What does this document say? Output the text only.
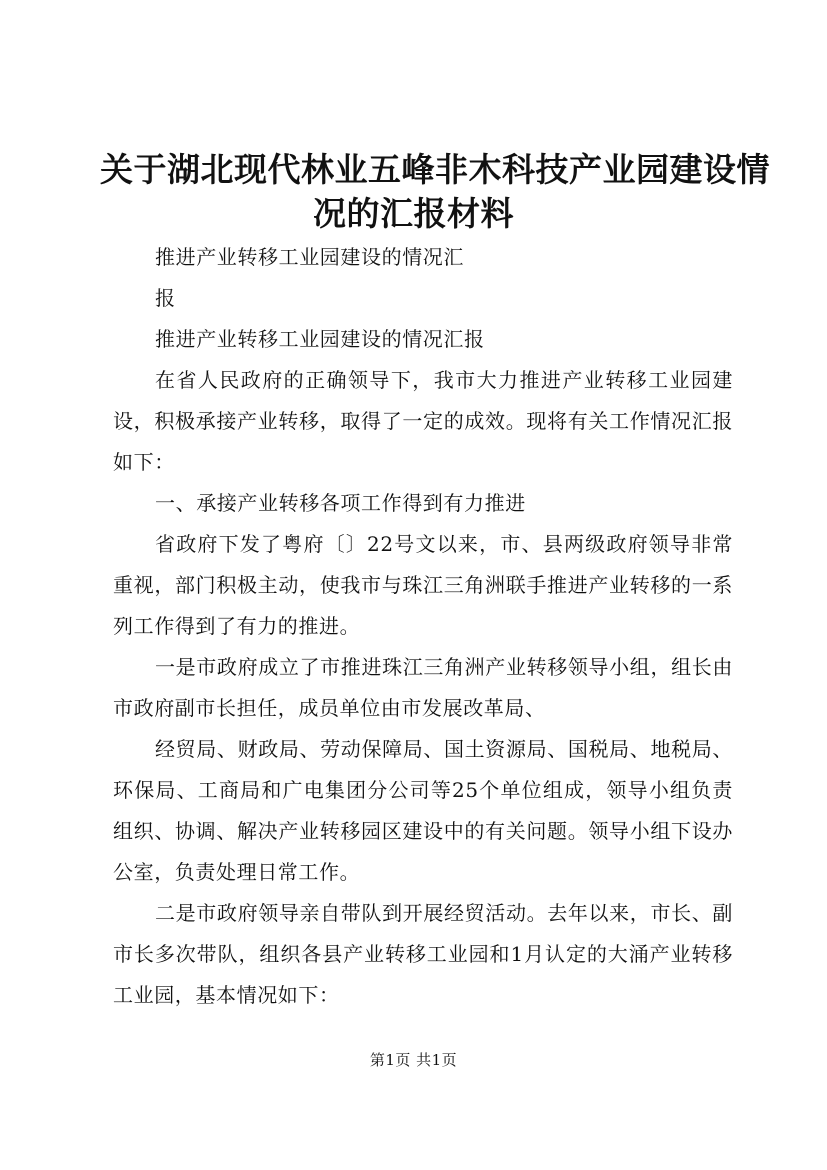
关于湖北现代林业五峰非木科技产业园建设情
况的汇报材料

推进产业转移工业园建设的情况汇

报

推进产业转移工业园建设的情况汇报

在省人民政府的正确领导下，我市大力推进产业转移工业园建设，积极承接产业转移，取得了一定的成效。现将有关工作情况汇报如下：

一、承接产业转移各项工作得到有力推进

省政府下发了粤府〔〕22号文以来，市、县两级政府领导非常重视，部门积极主动，使我市与珠江三角洲联手推进产业转移的一系列工作得到了有力的推进。

一是市政府成立了市推进珠江三角洲产业转移领导小组，组长由市政府副市长担任，成员单位由市发展改革局、

经贸局、财政局、劳动保障局、国土资源局、国税局、地税局、环保局、工商局和广电集团分公司等25个单位组成，领导小组负责组织、协调、解决产业转移园区建设中的有关问题。领导小组下设办公室，负责处理日常工作。

二是市政府领导亲自带队到开展经贸活动。去年以来，市长、副市长多次带队，组织各县产业转移工业园和1月认定的大涌产业转移工业园，基本情况如下：

第1页 共1页
